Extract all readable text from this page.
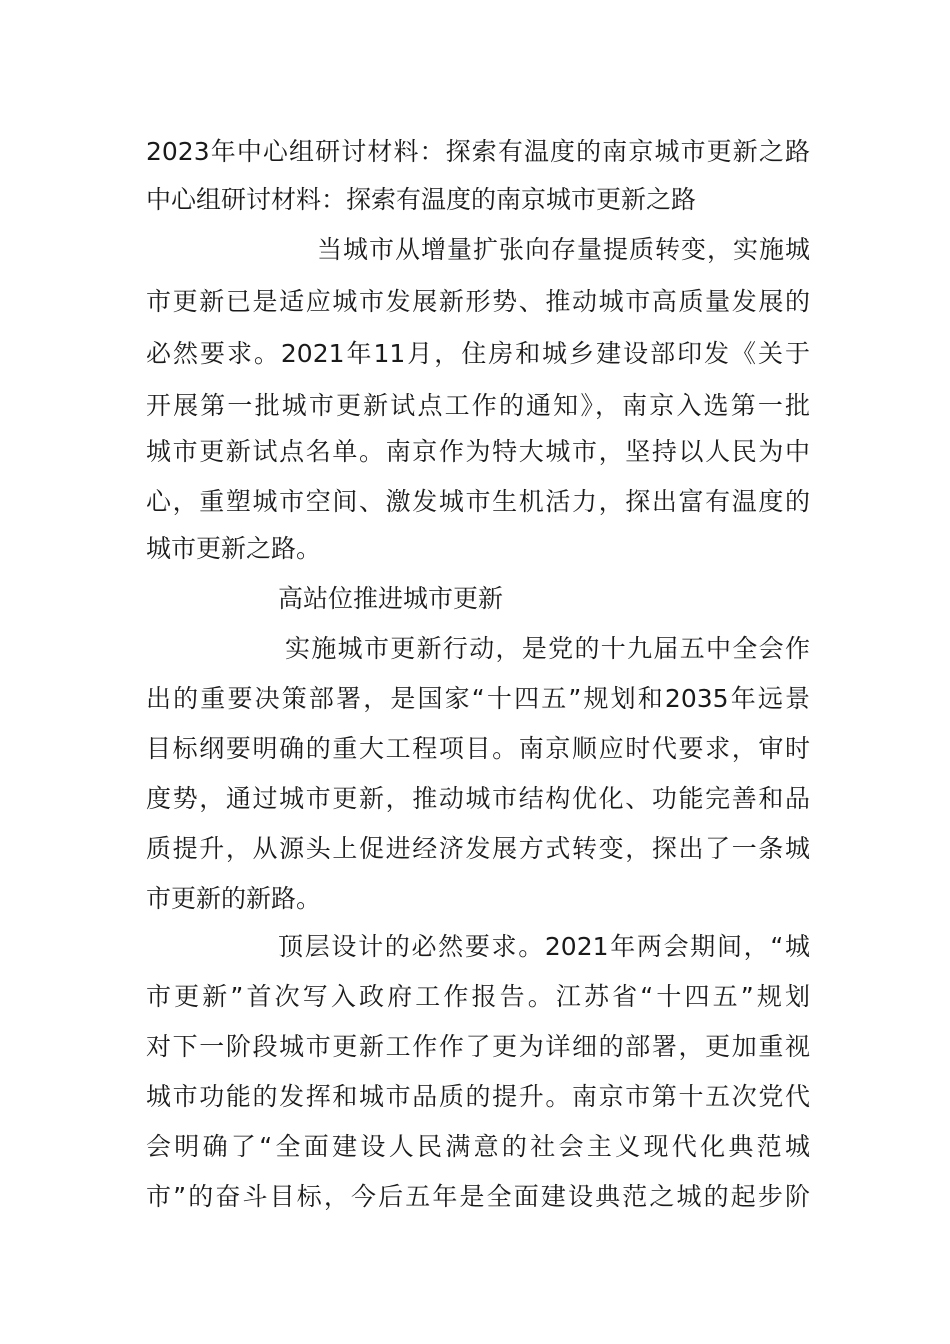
2023年中心组研讨材料：探索有温度的南京城市更新之路
中心组研讨材料：探索有温度的南京城市更新之路
当城市从增量扩张向存量提质转变，实施城
市更新已是适应城市发展新形势、推动城市高质量发展的
必然要求。2021年11月，住房和城乡建设部印发《关于
开展第一批城市更新试点工作的通知》，南京入选第一批
城市更新试点名单。南京作为特大城市，坚持以人民为中
心，重塑城市空间、激发城市生机活力，探出富有温度的
城市更新之路。
高站位推进城市更新
实施城市更新行动，是党的十九届五中全会作
出的重要决策部署，是国家“十四五”规划和2035年远景
目标纲要明确的重大工程项目。南京顺应时代要求，审时
度势，通过城市更新，推动城市结构优化、功能完善和品
质提升，从源头上促进经济发展方式转变，探出了一条城
市更新的新路。
顶层设计的必然要求。2021年两会期间，“城
市更新”首次写入政府工作报告。江苏省“十四五”规划
对下一阶段城市更新工作作了更为详细的部署，更加重视
城市功能的发挥和城市品质的提升。南京市第十五次党代
会明确了“全面建设人民满意的社会主义现代化典范城
市”的奋斗目标，今后五年是全面建设典范之城的起步阶
